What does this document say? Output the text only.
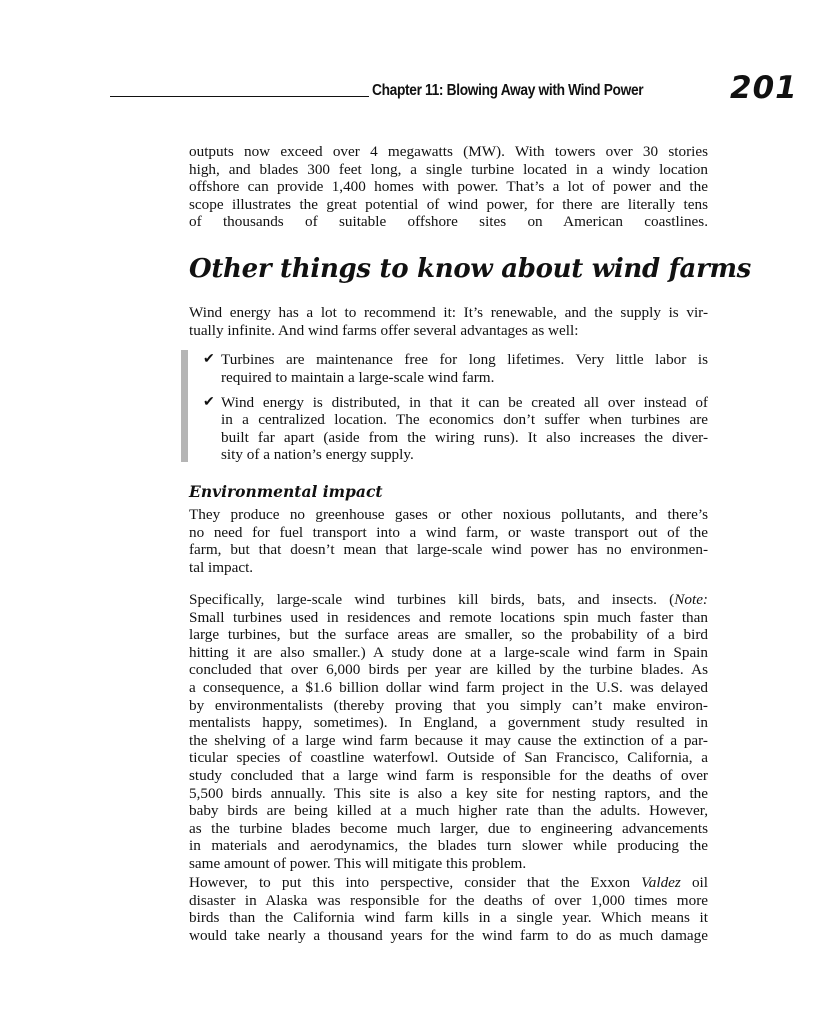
Chapter 11: Blowing Away with Wind Power	201
outputs now exceed over 4 megawatts (MW). With towers over 30 stories
high, and blades 300 feet long, a single turbine located in a windy location
offshore can provide 1,400 homes with power. That’s a lot of power and the
scope illustrates the great potential of wind power, for there are literally tens
of thousands of suitable offshore sites on American coastlines.
Other things to know about wind farms
Wind energy has a lot to recommend it: It’s renewable, and the supply is vir-
tually infinite. And wind farms offer several advantages as well:
✔ Turbines are maintenance free for long lifetimes. Very little labor is
required to maintain a large-scale wind farm.
✔ Wind energy is distributed, in that it can be created all over instead of
in a centralized location. The economics don’t suffer when turbines are
built far apart (aside from the wiring runs). It also increases the diver-
sity of a nation’s energy supply.
Environmental impact
They produce no greenhouse gases or other noxious pollutants, and there’s
no need for fuel transport into a wind farm, or waste transport out of the
farm, but that doesn’t mean that large-scale wind power has no environmen-
tal impact.
Specifically, large-scale wind turbines kill birds, bats, and insects. (Note:
Small turbines used in residences and remote locations spin much faster than
large turbines, but the surface areas are smaller, so the probability of a bird
hitting it are also smaller.) A study done at a large-scale wind farm in Spain
concluded that over 6,000 birds per year are killed by the turbine blades. As
a consequence, a $1.6 billion dollar wind farm project in the U.S. was delayed
by environmentalists (thereby proving that you simply can’t make environ-
mentalists happy, sometimes). In England, a government study resulted in
the shelving of a large wind farm because it may cause the extinction of a par-
ticular species of coastline waterfowl. Outside of San Francisco, California, a
study concluded that a large wind farm is responsible for the deaths of over
5,500 birds annually. This site is also a key site for nesting raptors, and the
baby birds are being killed at a much higher rate than the adults. However,
as the turbine blades become much larger, due to engineering advancements
in materials and aerodynamics, the blades turn slower while producing the
same amount of power. This will mitigate this problem.
However, to put this into perspective, consider that the Exxon Valdez oil
disaster in Alaska was responsible for the deaths of over 1,000 times more
birds than the California wind farm kills in a single year. Which means it
would take nearly a thousand years for the wind farm to do as much damage
